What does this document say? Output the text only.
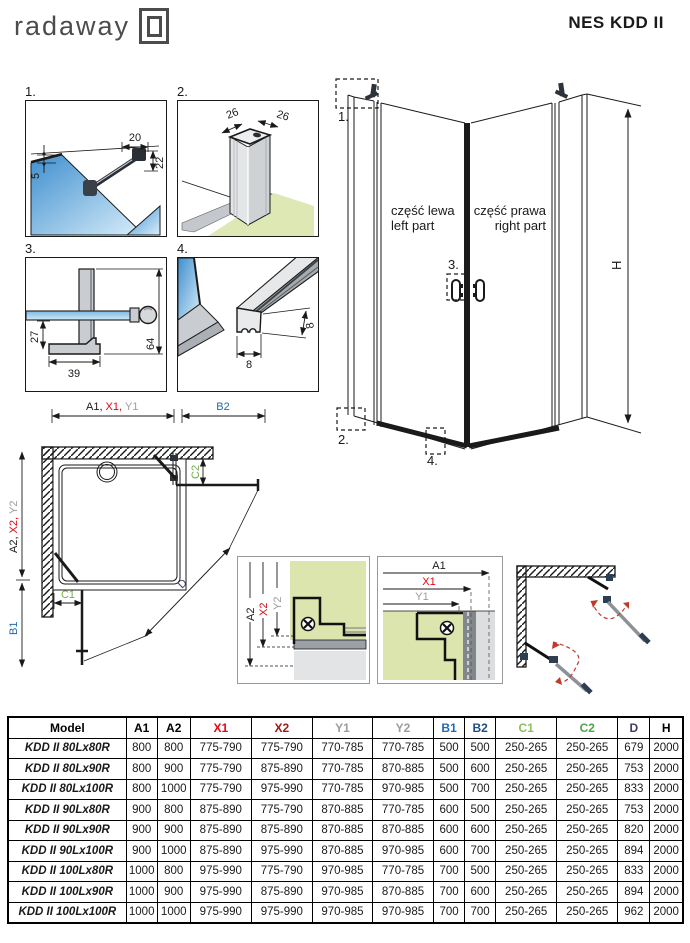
radaway	NES KDD II
1.
20
22
5
2.
26	26
3.
27
39
64
4.
8
8
1.
2.
3.
4.
część lewa
left part
część prawa
right part
H
A1, X1, Y1	B2
A2,X2,Y2
B1
C2
C1
D
A2 X2 Y2
A1
X1
Y1
Model	A1	A2	X1	X2	Y1	Y2	B1	B2	C1	C2	D	H
KDD II 80Lx80R	800	800	775-790	775-790	770-785	770-785	500	500	250-265	250-265	679	2000
KDD II 80Lx90R	800	900	775-790	875-890	770-785	870-885	500	600	250-265	250-265	753	2000
KDD II 80Lx100R	800	1000	775-790	975-990	770-785	970-985	500	700	250-265	250-265	833	2000
KDD II 90Lx80R	900	800	875-890	775-790	870-885	770-785	600	500	250-265	250-265	753	2000
KDD II 90Lx90R	900	900	875-890	875-890	870-885	870-885	600	600	250-265	250-265	820	2000
KDD II 90Lx100R	900	1000	875-890	975-990	870-885	970-985	600	700	250-265	250-265	894	2000
KDD II 100Lx80R	1000	800	975-990	775-790	970-985	770-785	700	500	250-265	250-265	833	2000
KDD II 100Lx90R	1000	900	975-990	875-890	970-985	870-885	700	600	250-265	250-265	894	2000
KDD II 100Lx100R	1000	1000	975-990	975-990	970-985	970-985	700	700	250-265	250-265	962	2000
